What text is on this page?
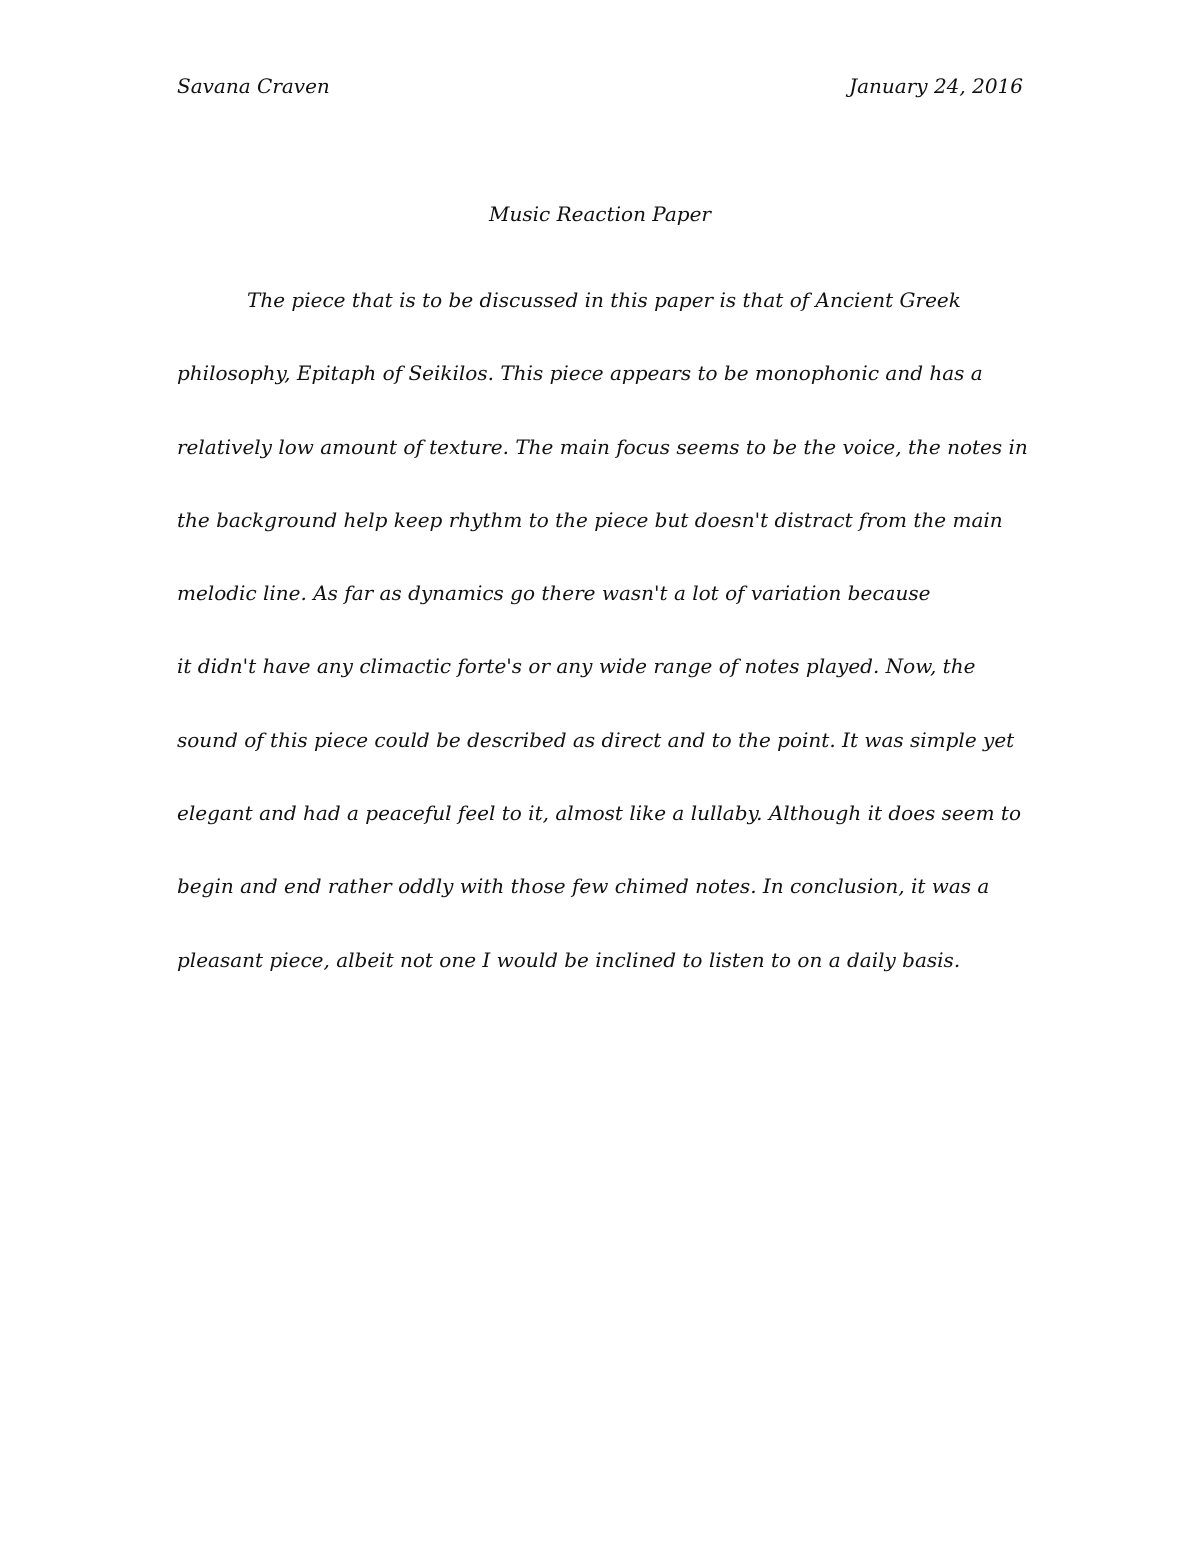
Savana Craven	January 24, 2016
Music Reaction Paper
The piece that is to be discussed in this paper is that of Ancient Greek
philosophy, Epitaph of Seikilos. This piece appears to be monophonic and has a
relatively low amount of texture. The main focus seems to be the voice, the notes in
the background help keep rhythm to the piece but doesn't distract from the main
melodic line. As far as dynamics go there wasn't a lot of variation because
it didn't have any climactic forte's or any wide range of notes played. Now, the
sound of this piece could be described as direct and to the point. It was simple yet
elegant and had a peaceful feel to it, almost like a lullaby. Although it does seem to
begin and end rather oddly with those few chimed notes. In conclusion, it was a
pleasant piece, albeit not one I would be inclined to listen to on a daily basis.
